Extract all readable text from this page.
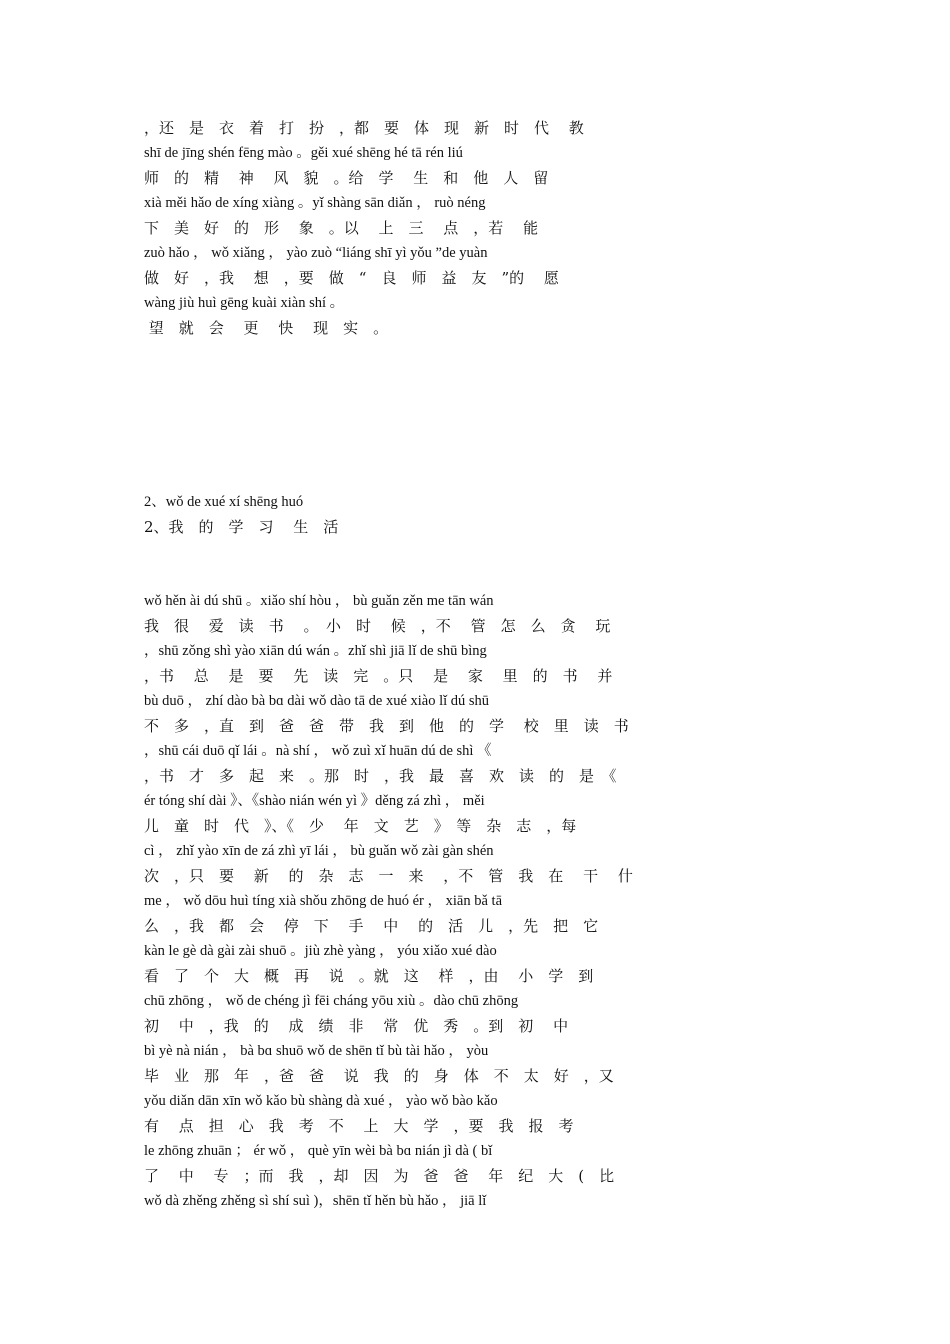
，还　是　衣　着　打　扮　，都　要　体　现　新　时　代　 教
shī de jīng shén fēng mào 。gěi xué shēng hé tā rén liú
师　的　精　 神　 风　貌　。给　学　 生　和　他　人　留
xià měi hǎo de xíng xiàng 。yǐ shàng sān diǎn ， ruò néng
下　美　好　的　形　 象　。以　 上　三　 点　，若　 能
zuò hǎo ， wǒ xiǎng ， yào zuò “liáng shī yì yǒu ”de yuàn
做　好　，我　 想　，要　做　“　良　师　益　友　”的　 愿
wàng jiù huì gēng kuài xiàn shí 。
望　就　会　 更　 快　 现　实　。
2、wǒ de xué xí shēng huó
2、我　的　学　习　 生　活
wǒ hěn ài dú shū 。xiǎo shí hòu ， bù guǎn zěn me tān wán
我　很　 爱　读　书　 。　小　时　 候　，不　 管　怎　么　贪　 玩
，shū zǒng shì yào xiān dú wán 。zhǐ shì jiā lǐ de shū bìng
，书　 总　 是　要　 先　读　完　。只　 是　 家　 里　的　书　 并
bù duō ， zhí dào bà bɑ dài wǒ dào tā de xué xiào lǐ dú shū
不　多　，直　到　爸　爸　带　我　到　他　的　学　 校　里　读　书
，shū cái duō qǐ lái 。nà shí ， wǒ zuì xǐ huān dú de shì 《
，书　才　多　起　来　。那　时　，我　最　喜　欢　读　的　是　《
ér tóng shí dài 》、《shào nián wén yì 》děng zá zhì ， měi
儿　童　时　代　》、《　少　 年　文　艺　》　等　杂　志　，每
cì ， zhǐ yào xīn de zá zhì yī lái ， bù guǎn wǒ zài gàn shén
次　，只　要　 新　 的　杂　志　一　来　 ，不　管　我　在　 干　 什
me ， wǒ dōu huì tíng xià shǒu zhōng de huó ér ， xiān bǎ tā
么　，我　都　会　 停　下　 手　 中　 的　活　儿　，先　把　它
kàn le gè dà gài zài shuō 。jiù zhè yàng ， yóu xiǎo xué dào
看　了　个　大　概　再　 说　。就　这　 样　，由　 小　学　到
chū zhōng ， wǒ de chéng jì fēi cháng yōu xiù 。dào chū zhōng
初　 中　，我　的　 成　绩　非　 常　优　秀　。到　初　 中
bì yè nà nián ， bà bɑ shuō wǒ de shēn tǐ bù tài hǎo ， yòu
毕　业　那　年　，爸　爸　 说　我　的　身　体　不　太　好　，又
yǒu diǎn dān xīn wǒ kǎo bù shàng dà xué ， yào wǒ bào kǎo
有　 点　担　心　我　考　不　 上　大　学　，要　我　报　考
le zhōng zhuān ； ér wǒ ， què yīn wèi bà bɑ nián jì dà ( bǐ
了　 中　 专　；而　我　，却　因　为　爸　爸　 年　纪　大　(　比
wǒ dà zhěng zhěng sì shí suì )，shēn tǐ hěn bù hǎo ， jiā lǐ
